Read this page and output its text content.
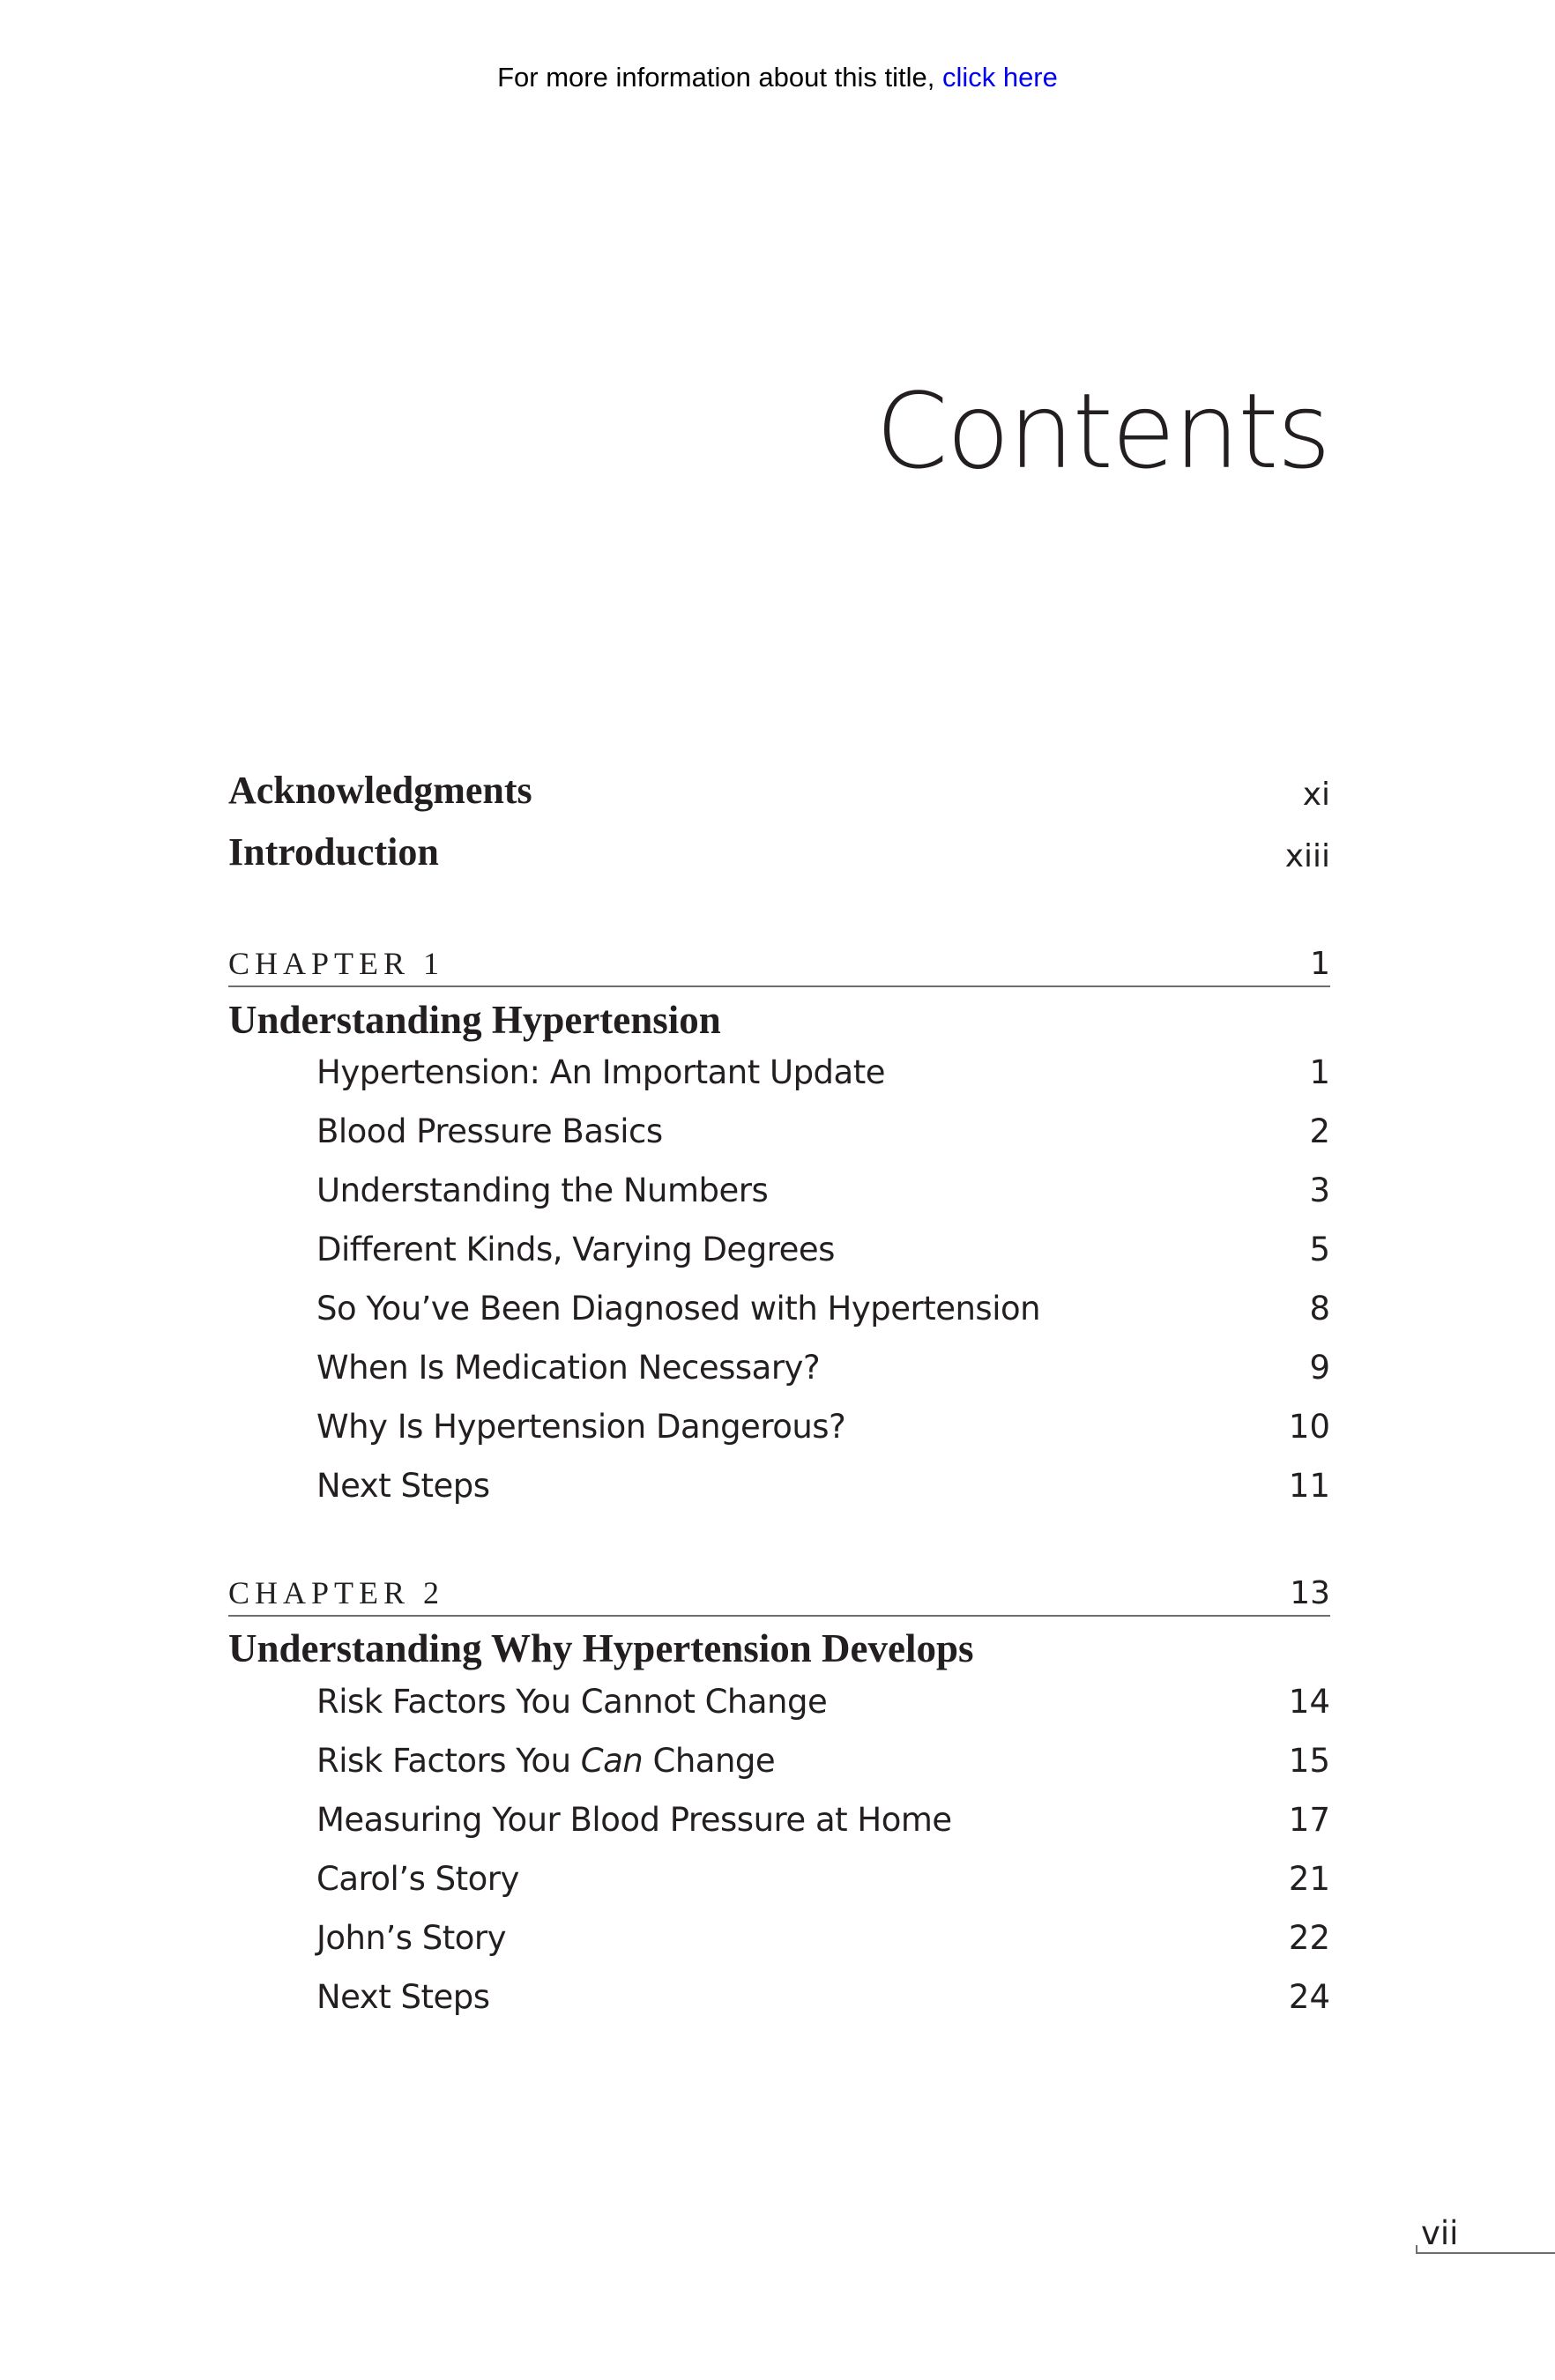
For more information about this title, click here
Contents
Acknowledgments	xi
Introduction	xiii
CHAPTER 1	1
Understanding Hypertension
Hypertension: An Important Update	1
Blood Pressure Basics	2
Understanding the Numbers	3
Different Kinds, Varying Degrees	5
So You’ve Been Diagnosed with Hypertension	8
When Is Medication Necessary?	9
Why Is Hypertension Dangerous?	10
Next Steps	11
CHAPTER 2	13
Understanding Why Hypertension Develops
Risk Factors You Cannot Change	14
Risk Factors You Can Change	15
Measuring Your Blood Pressure at Home	17
Carol’s Story	21
John’s Story	22
Next Steps	24
vii
